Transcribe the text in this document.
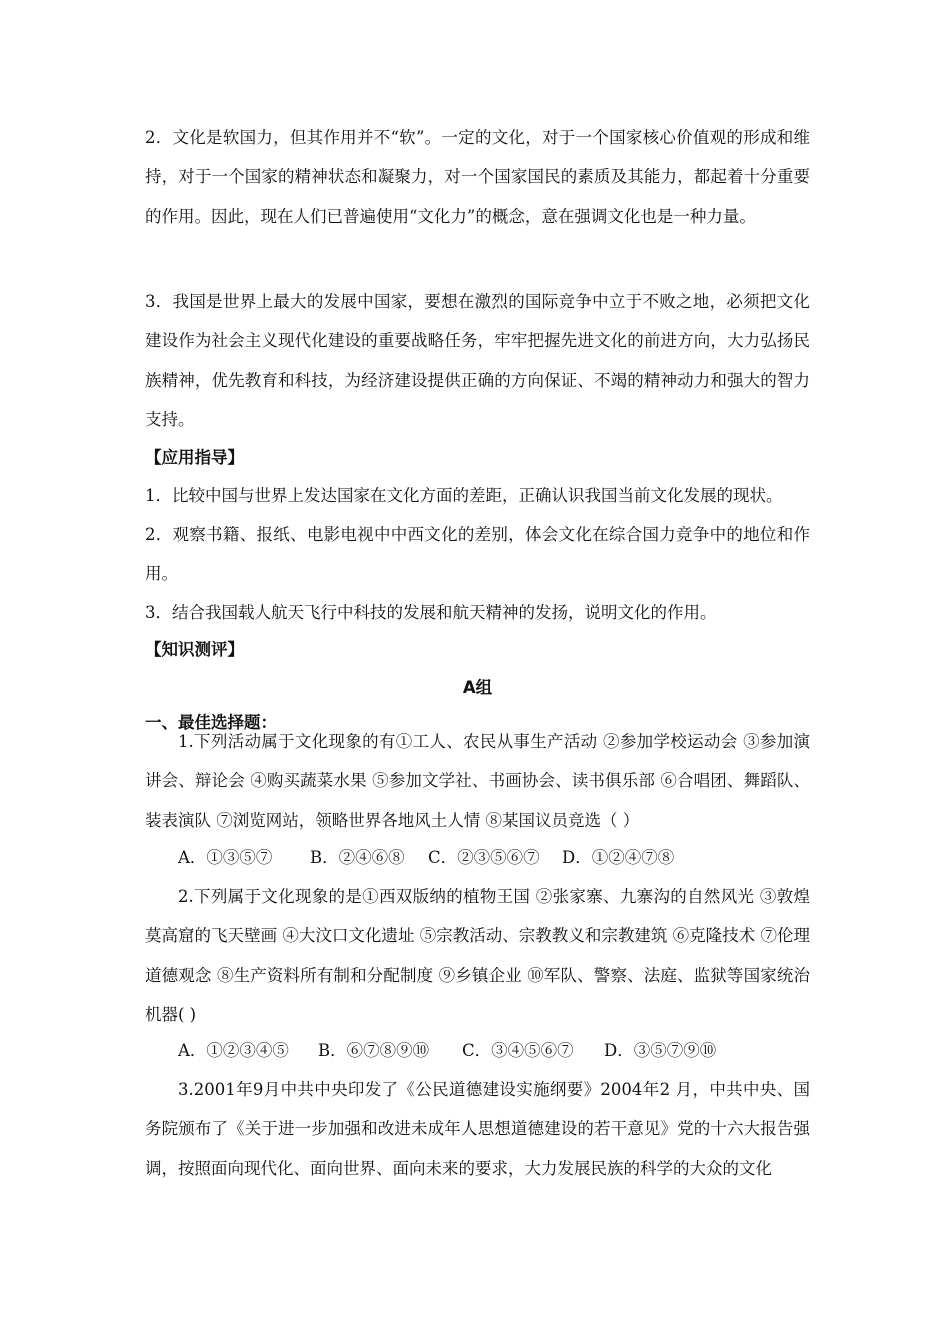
2．文化是软国力，但其作用并不“软”。一定的文化，对于一个国家核心价值观的形成和维持，对于一个国家的精神状态和凝聚力，对一个国家国民的素质及其能力，都起着十分重要的作用。因此，现在人们已普遍使用“文化力”的概念，意在强调文化也是一种力量。

3．我国是世界上最大的发展中国家，要想在激烈的国际竞争中立于不败之地，必须把文化建设作为社会主义现代化建设的重要战略任务，牢牢把握先进文化的前进方向，大力弘扬民族精神，优先教育和科技，为经济建设提供正确的方向保证、不竭的精神动力和强大的智力支持。

【应用指导】

1．比较中国与世界上发达国家在文化方面的差距，正确认识我国当前文化发展的现状。

2．观察书籍、报纸、电影电视中中西文化的差别，体会文化在综合国力竞争中的地位和作用。

3．结合我国载人航天飞行中科技的发展和航天精神的发扬，说明文化的作用。

【知识测评】

A组

一、最佳选择题：

1.下列活动属于文化现象的有①工人、农民从事生产活动 ②参加学校运动会 ③参加演讲会、辩论会 ④购买蔬菜水果 ⑤参加文学社、书画协会、读书俱乐部 ⑥合唱团、舞蹈队、装表演队 ⑦浏览网站，领略世界各地风土人情 ⑧某国议员竞选（ ）

A．①③⑤⑦ B．②④⑥⑧ C．②③⑤⑥⑦ D．①②④⑦⑧

2.下列属于文化现象的是①西双版纳的植物王国 ②张家寨、九寨沟的自然风光 ③敦煌莫高窟的飞天壁画 ④大汶口文化遗址 ⑤宗教活动、宗教教义和宗教建筑 ⑥克隆技术 ⑦伦理道德观念 ⑧生产资料所有制和分配制度 ⑨乡镇企业 ⑩军队、警察、法庭、监狱等国家统治机器( )

A．①②③④⑤ B．⑥⑦⑧⑨⑩ C．③④⑤⑥⑦ D．③⑤⑦⑨⑩

3.2001年9月中共中央印发了《公民道德建设实施纲要》2004年2 月，中共中央、国务院颁布了《关于进一步加强和改进未成年人思想道德建设的若干意见》党的十六大报告强调，按照面向现代化、面向世界、面向未来的要求，大力发展民族的科学的大众的文化
